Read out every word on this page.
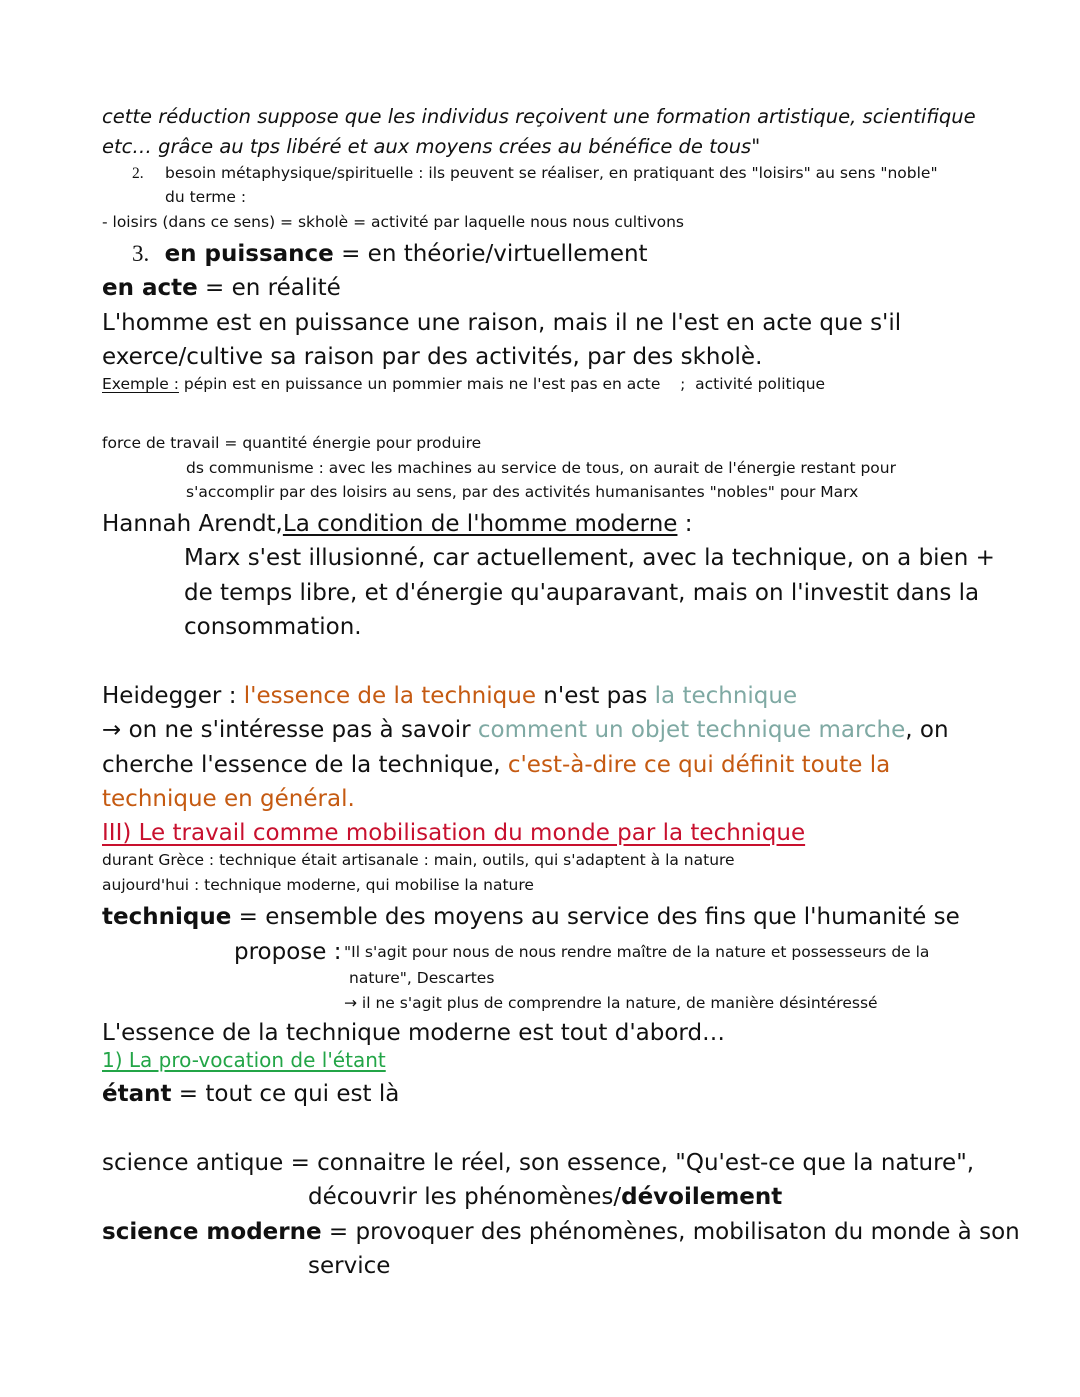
cette réduction suppose que les individus reçoivent une formation artistique, scientifique
etc… grâce au tps libéré et aux moyens crées au bénéfice de tous"
2. besoin métaphysique/spirituelle : ils peuvent se réaliser, en pratiquant des "loisirs" au sens "noble"
du terme :
- loisirs (dans ce sens) = skholè = activité par laquelle nous nous cultivons
3. en puissance = en théorie/virtuellement
en acte = en réalité
L'homme est en puissance une raison, mais il ne l'est en acte que s'il
exerce/cultive sa raison par des activités, par des skholè.
Exemple : pépin est en puissance un pommier mais ne l'est pas en acte    ;  activité politique
force de travail = quantité énergie pour produire
ds communisme : avec les machines au service de tous, on aurait de l'énergie restant pour
s'accomplir par des loisirs au sens, par des activités humanisantes "nobles" pour Marx
Hannah Arendt,La condition de l'homme moderne :
Marx s'est illusionné, car actuellement, avec la technique, on a bien +
de temps libre, et d'énergie qu'auparavant, mais on l'investit dans la
consommation.
Heidegger : l'essence de la technique n'est pas la technique
→ on ne s'intéresse pas à savoir comment un objet technique marche, on
cherche l'essence de la technique, c'est-à-dire ce qui définit toute la
technique en général.
III) Le travail comme mobilisation du monde par la technique
durant Grèce : technique était artisanale : main, outils, qui s'adaptent à la nature
aujourd'hui : technique moderne, qui mobilise la nature
technique = ensemble des moyens au service des fins que l'humanité se
propose : "Il s'agit pour nous de nous rendre maître de la nature et possesseurs de la
nature", Descartes
→ il ne s'agit plus de comprendre la nature, de manière désintéressé
L'essence de la technique moderne est tout d'abord…
1) La pro-vocation de l'étant
étant = tout ce qui est là
science antique = connaitre le réel, son essence, "Qu'est-ce que la nature",
découvrir les phénomènes/dévoilement
science moderne = provoquer des phénomènes, mobilisaton du monde à son
service
